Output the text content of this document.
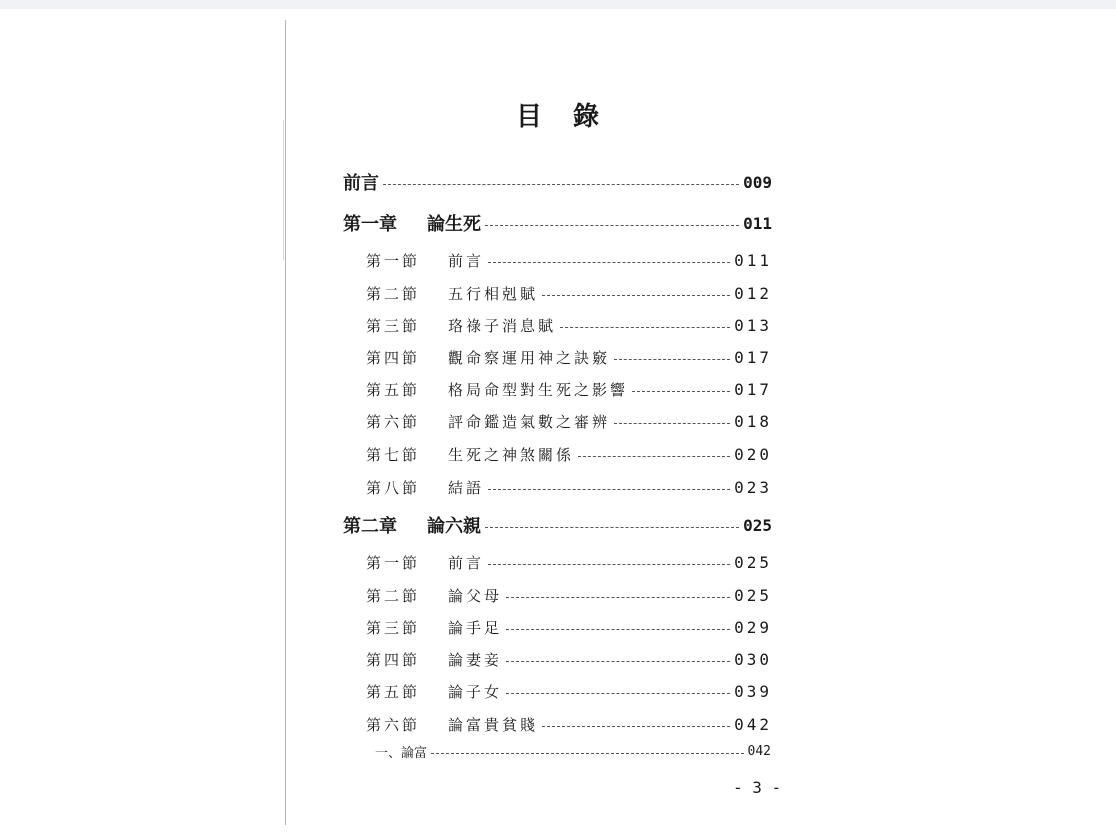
目 錄
前言	009
第一章	論生死	011
第一節	前言	011
第二節	五行相剋賦	012
第三節	珞祿子消息賦	013
第四節	觀命察運用神之訣竅	017
第五節	格局命型對生死之影響	017
第六節	評命鑑造氣數之審辨	018
第七節	生死之神煞關係	020
第八節	結語	023
第二章	論六親	025
第一節	前言	025
第二節	論父母	025
第三節	論手足	029
第四節	論妻妾	030
第五節	論子女	039
第六節	論富貴貧賤	042
一、 論富	042
- 3 -
